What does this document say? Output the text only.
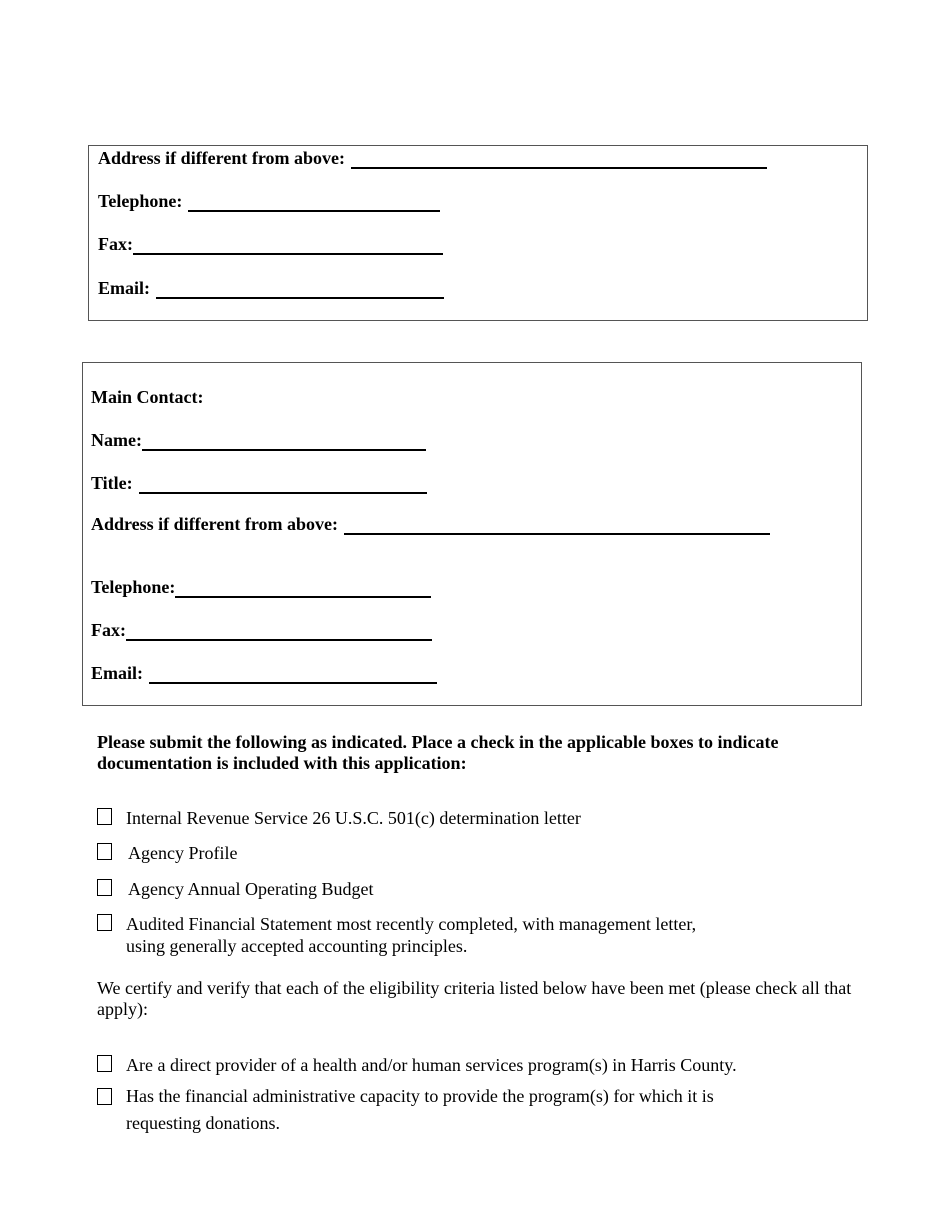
Address if different from above:
Telephone:
Fax:
Email:
Main Contact:
Name:
Title:
Address if different from above:
Telephone:
Fax:
Email:
Please submit the following as indicated. Place a check in the applicable boxes to indicate documentation is included with this application:
Internal Revenue Service 26 U.S.C. 501(c) determination letter
Agency Profile
Agency Annual Operating Budget
Audited Financial Statement most recently completed, with management letter, using generally accepted accounting principles.
We certify and verify that each of the eligibility criteria listed below have been met (please check all that apply):
Are a direct provider of a health and/or human services program(s) in Harris County.
Has the financial administrative capacity to provide the program(s) for which it is requesting donations.
